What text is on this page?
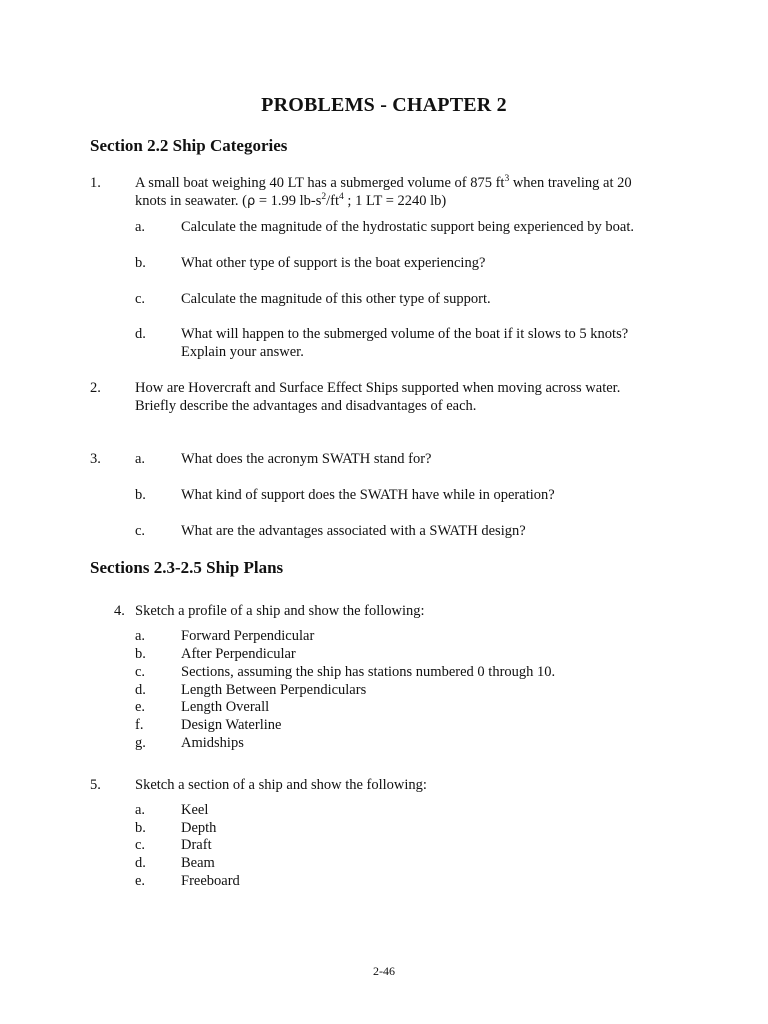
PROBLEMS - CHAPTER 2
Section 2.2 Ship Categories
1. A small boat weighing 40 LT has a submerged volume of 875 $ft^3$ when traveling at 20
knots in seawater. (ρ = 1.99 $lb-s^2/ft^4$ ; 1 LT = 2240 lb)
a. Calculate the magnitude of the hydrostatic support being experienced by boat.
b. What other type of support is the boat experiencing?
c. Calculate the magnitude of this other type of support.
d. What will happen to the submerged volume of the boat if it slows to 5 knots?
Explain your answer.
2. How are Hovercraft and Surface Effect Ships supported when moving across water.
Briefly describe the advantages and disadvantages of each.
3. a. What does the acronym SWATH stand for?
b. What kind of support does the SWATH have while in operation?
c. What are the advantages associated with a SWATH design?
Sections 2.3-2.5 Ship Plans
4. Sketch a profile of a ship and show the following:
a. Forward Perpendicular
b. After Perpendicular
c. Sections, assuming the ship has stations numbered 0 through 10.
d. Length Between Perpendiculars
e. Length Overall
f.	Design Waterline
g. Amidships
5. Sketch a section of a ship and show the following:
a. Keel
b. Depth
c. Draft
d. Beam
e. Freeboard
2-46
